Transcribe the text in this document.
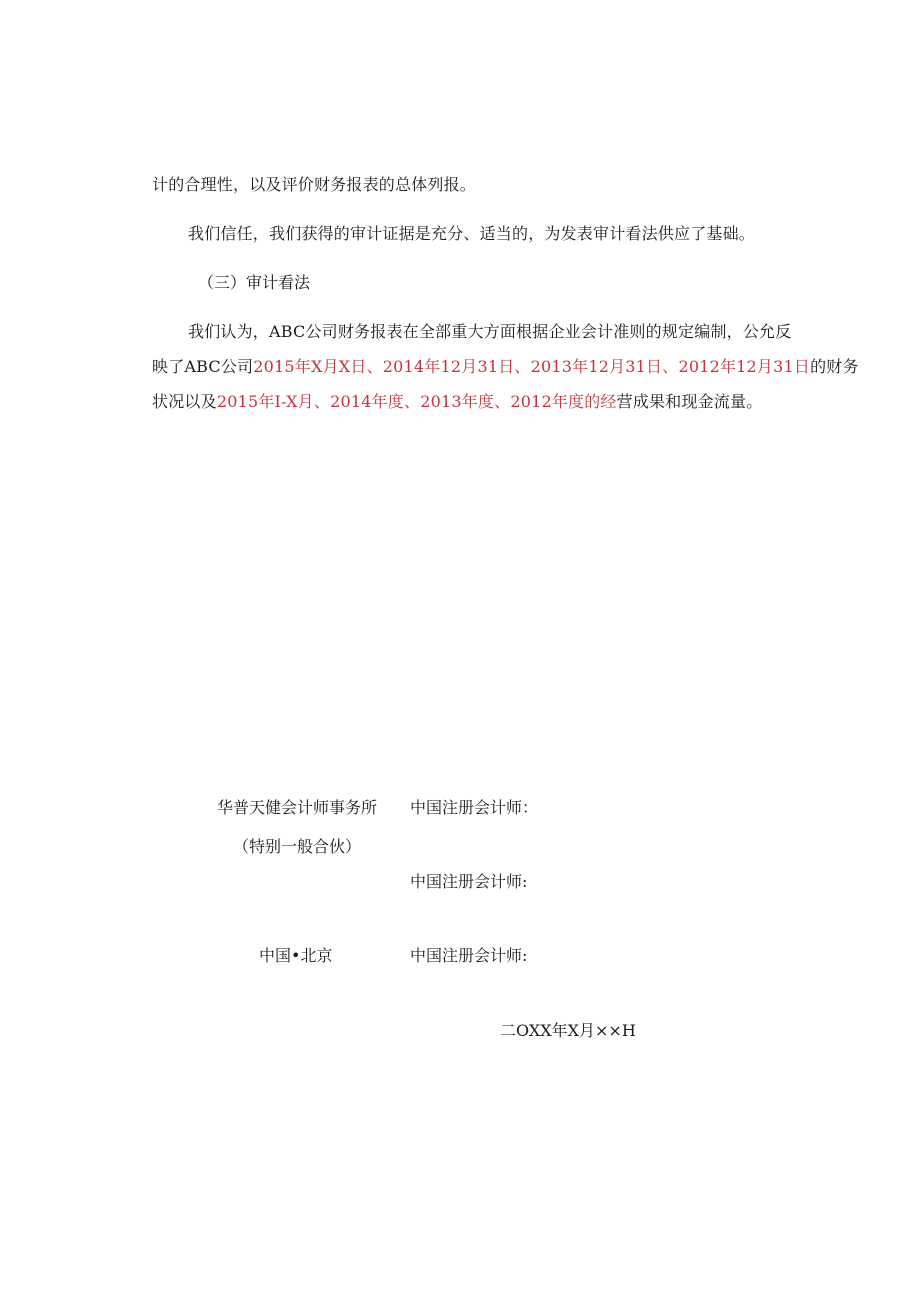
计的合理性，以及评价财务报表的总体列报。
我们信任，我们获得的审计证据是充分、适当的，为发表审计看法供应了基础。
（三）审计看法
我们认为，ABC公司财务报表在全部重大方面根据企业会计准则的规定编制，公允反
映了ABC公司2015年X月X日、2014年12月31日、2013年12月31日、2012年12月31日的财务
状况以及2015年I-X月、2014年度、2013年度、2012年度的经营成果和现金流量。
华普天健会计师事务所 中国注册会计师：
（特别一般合伙）
中国注册会计师:
中国•北京	中国注册会计师:
二OXX年X月××H
